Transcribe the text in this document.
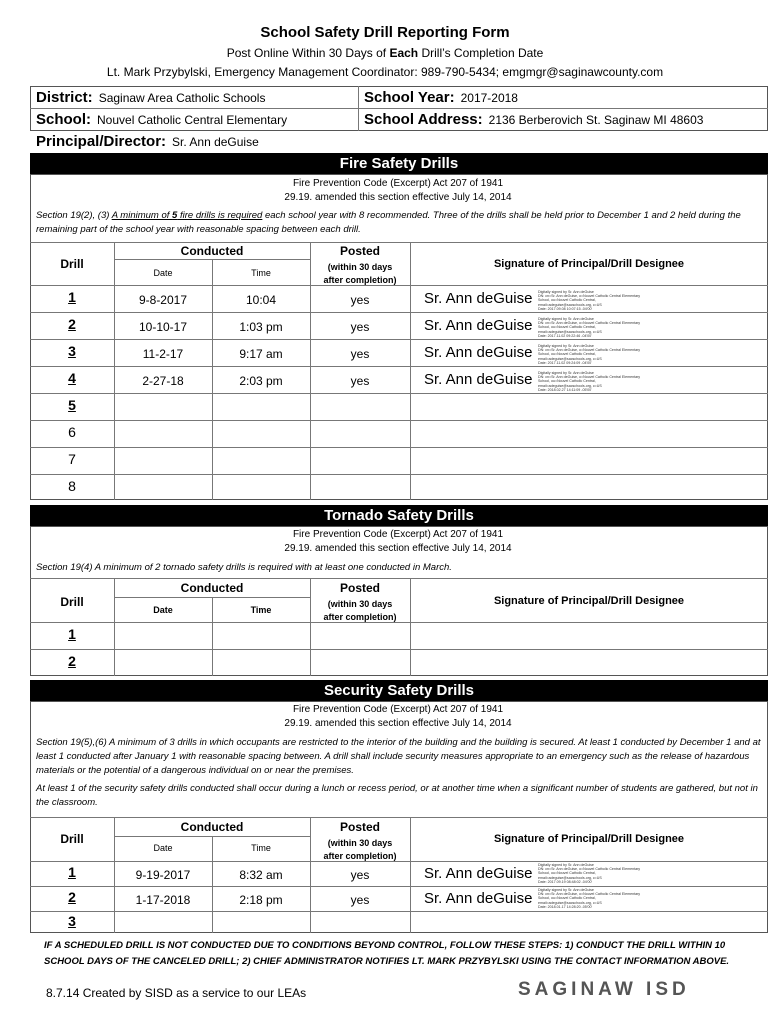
School Safety Drill Reporting Form
Post Online Within 30 Days of Each Drill’s Completion Date
Lt. Mark Przybylski, Emergency Management Coordinator: 989-790-5434; emgmgr@saginawcounty.com
District: Saginaw Area Catholic Schools	School Year: 2017-2018
School: Nouvel Catholic Central Elementary	School Address: 2136 Berberovich St. Saginaw MI 48603
Principal/Director: Sr. Ann deGuise
Fire Safety Drills
Fire Prevention Code (Excerpt) Act 207 of 1941
29.19. amended this section effective July 14, 2014
Section 19(2), (3) A minimum of 5 fire drills is required each school year with 8 recommended. Three of the drills shall be held prior to December 1 and 2 held during the remaining part of the school year with reasonable spacing between each drill.
Drill
Conducted
Date	Time
Posted
(within 30 days
after completion)
Signature of Principal/Drill Designee
1	9-8-2017	10:04	yes	Sr. Ann deGuise Digitally signed by Sr. Ann deGuise
DN: cn=Sr. Ann deGuise, o=Nouvel Catholic Central Elementary
School, ou=Nouvel Catholic Central,
email=adeguise@sacschools.org, c=US
Date: 2017.09.08 10:07:15 -04'00'
2	10-10-17	1:03 pm	yes	Sr. Ann deGuise Digitally signed by Sr. Ann deGuise
DN: cn=Sr. Ann deGuise, o=Nouvel Catholic Central Elementary
School, ou=Nouvel Catholic Central,
email=adeguise@sacschools.org, c=US
Date: 2017.11.02 09:22:46 -04'00'
3	11-2-17	9:17 am	yes	Sr. Ann deGuise Digitally signed by Sr. Ann deGuise
DN: cn=Sr. Ann deGuise, o=Nouvel Catholic Central Elementary
School, ou=Nouvel Catholic Central,
email=adeguise@sacschools.org, c=US
Date: 2017.11.02 09:24:09 -04'00'
4	2-27-18	2:03 pm	yes	Sr. Ann deGuise Digitally signed by Sr. Ann deGuise
DN: cn=Sr. Ann deGuise, o=Nouvel Catholic Central Elementary
School, ou=Nouvel Catholic Central,
email=adeguise@sacschools.org, c=US
Date: 2018.02.27 14:11:09 -05'00'
5
6
7
8
Tornado Safety Drills
Fire Prevention Code (Excerpt) Act 207 of 1941
29.19. amended this section effective July 14, 2014
Section 19(4) A minimum of 2 tornado safety drills is required with at least one conducted in March.
Drill
Conducted
Date	Time
Posted
(within 30 days
after completion)
Signature of Principal/Drill Designee
1
2
Security Safety Drills
Fire Prevention Code (Excerpt) Act 207 of 1941
29.19. amended this section effective July 14, 2014
Section 19(5),(6) A minimum of 3 drills in which occupants are restricted to the interior of the building and the building is secured. At least 1 conducted by December 1 and at least 1 conducted after January 1 with reasonable spacing between. A drill shall include security measures appropriate to an emergency such as the release of hazardous materials or the potential of a dangerous individual on or near the premises.
At least 1 of the security safety drills conducted shall occur during a lunch or recess period, or at another time when a significant number of students are gathered, but not in the classroom.
Drill
Conducted
Date	Time
Posted
(within 30 days
after completion)
Signature of Principal/Drill Designee
1	9-19-2017	8:32 am	yes	Sr. Ann deGuise Digitally signed by Sr. Ann deGuise
DN: cn=Sr. Ann deGuise, o=Nouvel Catholic Central Elementary
School, ou=Nouvel Catholic Central,
email=adeguise@sacschools.org, c=US
Date: 2017.09.19 08:48:02 -04'00'
2	1-17-2018	2:18 pm	yes	Sr. Ann deGuise Digitally signed by Sr. Ann deGuise
DN: cn=Sr. Ann deGuise, o=Nouvel Catholic Central Elementary
School, ou=Nouvel Catholic Central,
email=adeguise@sacschools.org, c=US
Date: 2018.01.17 14:28:20 -05'00'
3
IF A SCHEDULED DRILL IS NOT CONDUCTED DUE TO CONDITIONS BEYOND CONTROL, FOLLOW THESE STEPS: 1) CONDUCT THE DRILL WITHIN 10 SCHOOL DAYS OF THE CANCELED DRILL; 2) CHIEF ADMINISTRATOR NOTIFIES LT. MARK PRZYBYLSKI USING THE CONTACT INFORMATION ABOVE.
8.7.14 Created by SISD as a service to our LEAs	SAGINAW ISD
